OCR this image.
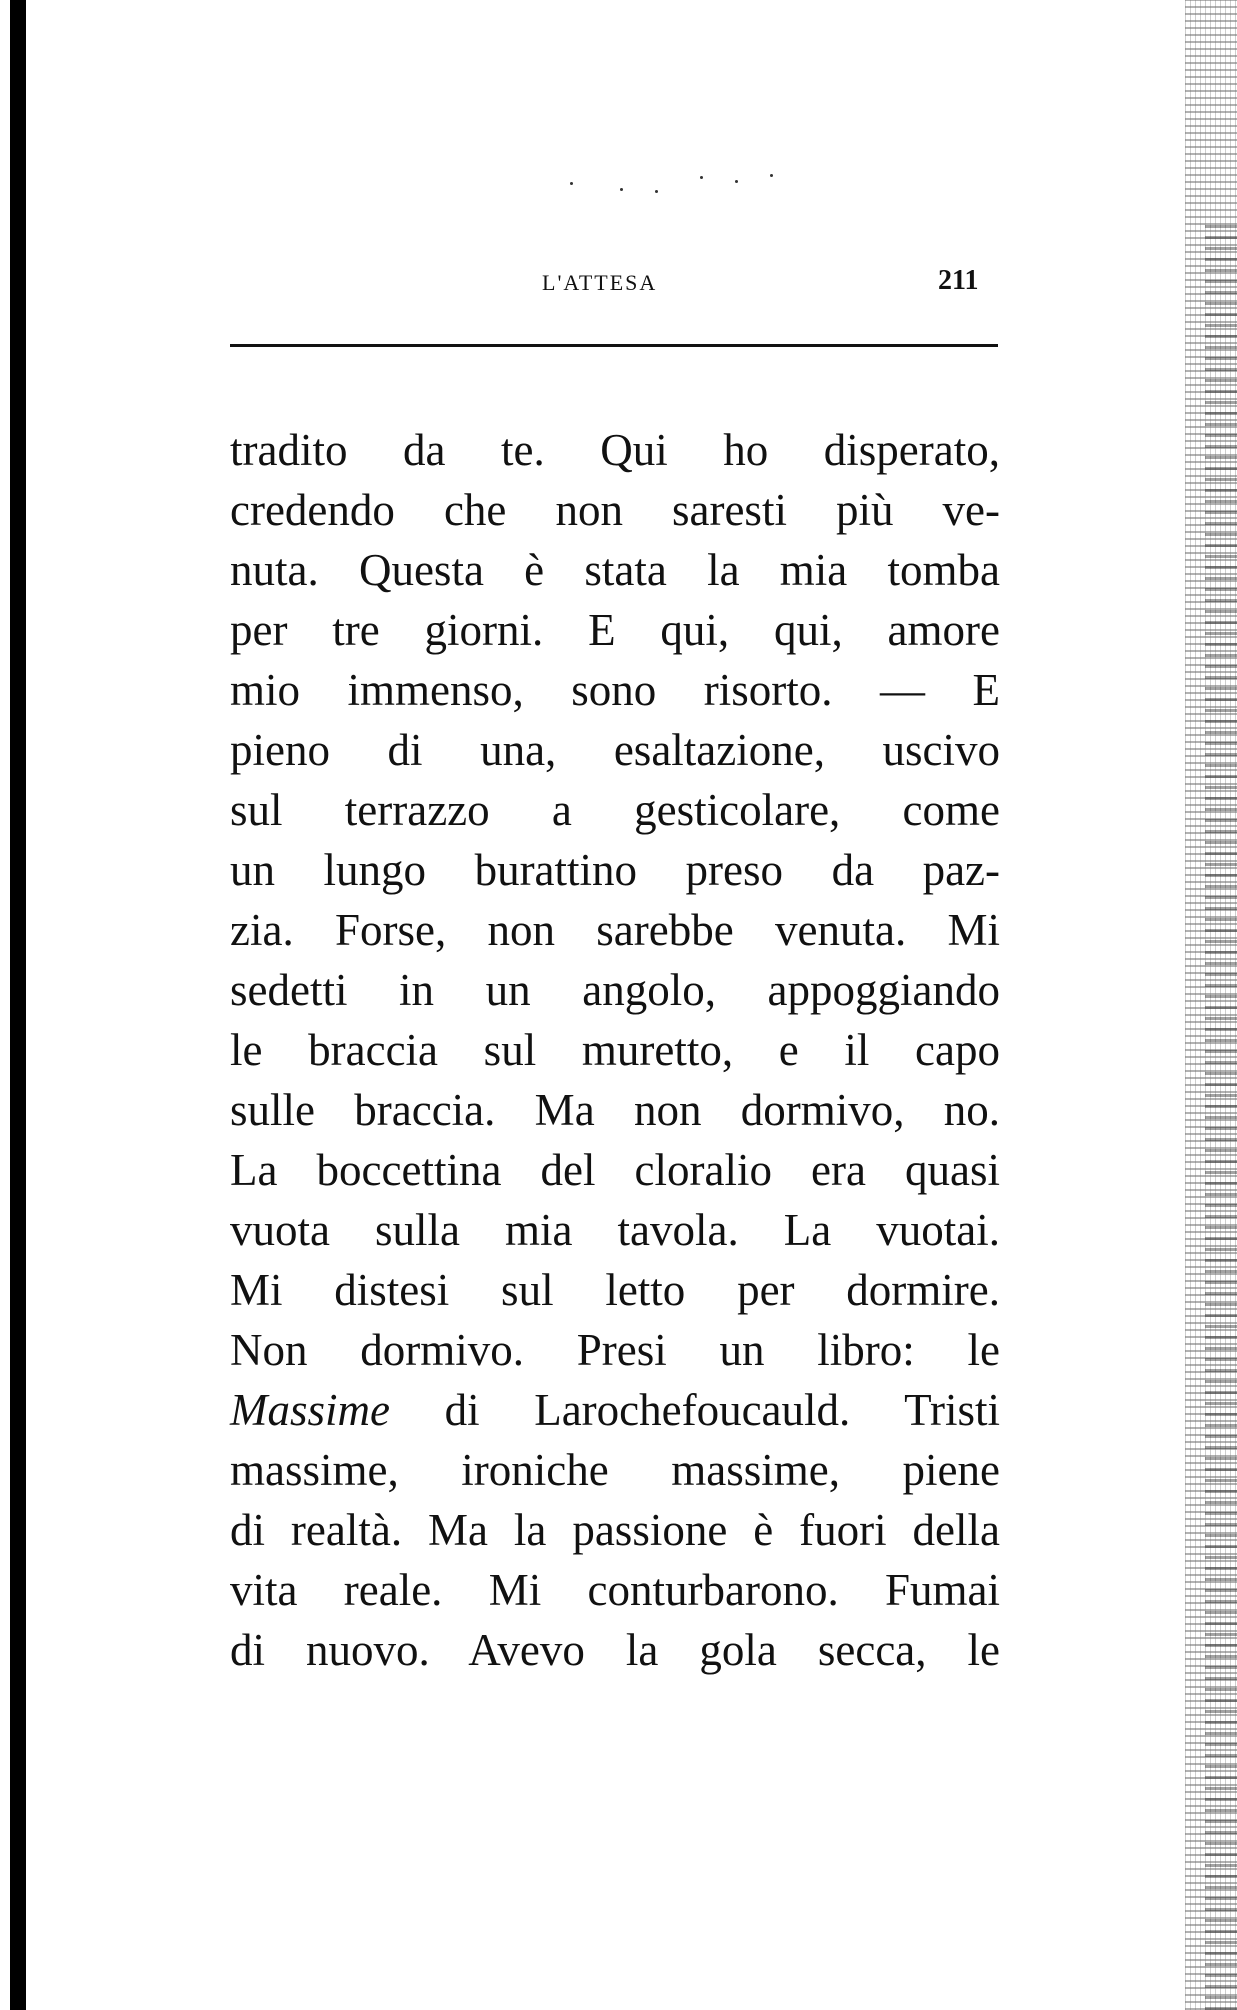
L'ATTESA	211
tradito da te. Qui ho disperato,
credendo che non saresti più ve-
nuta. Questa è stata la mia tomba
per tre giorni. E qui, qui, amore
mio immenso, sono risorto. — E
pieno di una, esaltazione, uscivo
sul terrazzo a gesticolare, come
un lungo burattino preso da paz-
zia. Forse, non sarebbe venuta. Mi
sedetti in un angolo, appoggiando
le braccia sul muretto, e il capo
sulle braccia. Ma non dormivo, no.
La boccettina del cloralio era quasi
vuota sulla mia tavola. La vuotai.
Mi distesi sul letto per dormire.
Non dormivo. Presi un libro: le
Massime di Larochefoucauld. Tristi
massime, ironiche massime, piene
di realtà. Ma la passione è fuori della
vita reale. Mi conturbarono. Fumai
di nuovo. Avevo la gola secca, le
